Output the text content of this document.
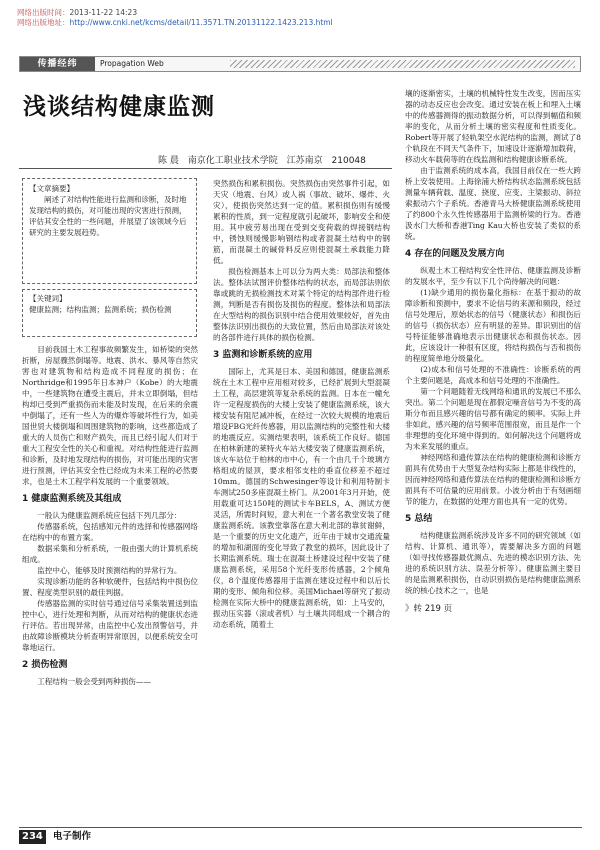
网络出版时间：2013-11-22 14:23
网络出版地址：http://www.cnki.net/kcms/detail/11.3571.TN.20131122.1423.213.html
传播经纬	Propagation Web
浅谈结构健康监测
陈 晨 南京化工职业技术学院 江苏南京 210048
【文章摘要】
阐述了对结构性能进行监测和诊断，及时地发现结构的损伤，对可能出现的灾害进行预测，评估其安全性的一些问题，并展望了该领域今后研究的主要发展趋势。
【关键词】
健康监测；结构监测；监测系统；损伤检测

目前我国土木工程事故频繁发生，如桥梁的突然折断，房屋骤然倒塌等。地震、洪水、暴风等自然灾害也对建筑物和结构造成不同程度的损伤；在Northridge和1995年日本神户（Kobe）的大地震中，一些建筑物在遭受主震后，并未立即倒塌，但结构却已受到严重损伤而未能及时发现，在后来的余震中倒塌了，还有一些人为的爆炸等破坏性行为，如美国世贸大楼倒塌和周围建筑物的影响，这些都造成了重大的人员伤亡和财产损失，而且已经引起人们对于重大工程安全性的关心和重视。对结构性能进行监测和诊断，及时地发现结构的损伤，对可能出现的灾害进行预测，评估其安全性已经成为未来工程的必然要求，也是土木工程学科发展的一个重要领域。

1 健康监测系统及其组成

一般认为健康监测系统应包括下列几部分：

传感器系统，包括感知元件的选择和传感器网络在结构中的布置方案。

数据采集和分析系统，一般由强大的计算机系统组成。

监控中心，能够及时预测结构的异常行为。

实现诊断功能的各种软硬件，包括结构中损伤位置、程度类型识别的最佳判据。

传感器监测的实时信号通过信号采集装置送到监控中心，进行处理和判断，从而对结构的健康状态进行评估。若出现异常，由监控中心发出预警信号，并由故障诊断模块分析查明异常原因，以便系统安全可靠地运行。

2 损伤检测

工程结构一般会受到两种损伤——

突然损伤和累积损伤。突然损伤由突然事件引起，如天灾（地震、台风）或人祸（事故、破坏、爆炸、火灾），使损伤突然达到一定的值。累积损伤则有缓慢累积的性质，到一定程度就引起破坏，影响安全和使用。其中疲劳易出现在受到交变荷载的焊接钢结构中，锈蚀则缓慢影响钢结构或者混凝土结构中的钢筋，而混凝土的碱骨料反应则使混凝土承载能力降低。

损伤检测基本上可以分为两大类：局部法和整体法。整体法试图评价整体结构的状态，而局部法则依靠或跳的无损检测技术对某个特定的结构部件进行检测，判断是否有损伤及损伤的程度。整体法和局部法在大型结构的损伤识别中结合使用效果较好，首先由整体法识别出损伤的大致位置，然后由局部法对该处的各部件进行具体的损伤检测。

3 监测和诊断系统的应用

国际上，尤其是日本、美国和德国，健康监测系统在土木工程中应用相对较多，已经扩展到大型混凝土工程，高层建筑等复杂系统的监测。日本在一幢允许一定程度损伤的大楼上安装了健康监测系统，该大楼安装有阻尼减冲板，在经过一次较大规模的地震后增设FBG光纤传感器，用以监测结构的完整性和大楼的地震反应。实测结果表明，该系统工作良好。德国在柏林新建的莱特火车站大楼安装了健康监测系统，该火车站位于柏林的市中心，有一个由几千个玻璃方格组成的屋顶，要求相邻支柱的垂直位移差不超过10mm。德国的Schwesinger等设计和利用特制卡车测试250多座混凝土桥门。从2001年3月开始，使用载重可达150吨的测试卡车BELS，A、测试方便灵活，所需时间短，意大利在一个著名教堂安装了健康监测系统。该教堂靠落在意大利北部的靠贫谢鲜，是一个重要的历史文化遗产，近年由于城市交通流量的增加和湖面的变化导致了教堂的损坏，因此设计了长期监测系统。瑞士在混凝土桥建设过程中安装了健康监测系统，采用58个光纤变形传感器，2个倾角仪，8个温度传感器用于监测在建设过程中和以后长期的变形、倾角和位移。美国Michael等研究了振动检测在实际大桥中的健康监测系统，如：上马安的，振动压实器（滚或者机）与土壤共同组成一个耦合的动态系统，随着土

壤的逐渐密实，土壤的机械特性发生改变，因而压实器的动态反应也会改变。通过安装在板上和埋入土壤中的传感器测得的振动数据分析，可以得到幅值和频率的变化，从而分析土壤的密实程度和性质变化。Robert等开展了轻轨架空水泥结构的监测，测试了8个轨段在不同天气条件下，加速设计逐渐增加载荷，移动火车载荷等的在线监测和结构健康诊断系统。

由于监测系统的成本高，我国目前仅在一些大跨桥上安装使用。上海徐浦大桥结构状态监测系统包括测量车辆荷载、温度、挠度、应变、主梁振动、斜拉索振动六个子系统。香港青马大桥健康监测系统使用了约800个永久性传感器用于监测桥梁的行为。香港汲水门大桥和香港Ting Kau大桥也安装了类似的系统。

4 存在的问题及发展方向

纵观土木工程结构安全性评估、健康监测及诊断的发展水平，至少有以下几个尚待解决的问题：

(1)缺少通用的损伤量化指标：在基于振动的故障诊断和预测中，要求不论信号的来源和频段，经过信号处理后，原始状态的信号（健康状态）和损伤后的信号（损伤状态）应有明显的差异。即识别出的信号特征能够准确地表示出健康状态和损伤状态。因此，应该设计一种很有区度，将结构损伤与否和损伤的程度简单地分级量化。

(2)成本和信号处理的不准确性：诊断系统的两个主要问题是，高成本和信号处理的不准确性。

第一个问题随着无线网络和通讯的发展已不那么突出。第二个问题是现在都假定噪音信号为不变的高斯分布而且感兴趣的信号都有确定的频率。实际上并非如此，感兴趣的信号频率范围很宽，而且是作一个非理想的变化环境中得到的。如何解决这个问题将成为未来发展的重点。

神经网络和遗传算法在结构的健康检测和诊断方面具有优势由于大型复杂结构实际上都是非线性的，因而神经网络和遗传算法在结构的健康检测和诊断方面具有不可估量的应用前景。小波分析由于有刻画细节的能力，在数据的处理方面也具有一定的优势。

5 总结

结构健康监测系统涉及许多不同的研究领域（如结构、计算机、通讯等），需要解决多方面的问题（如寻找传感器最优测点、先进的模态识别方法、先进的系统识别方法、误差分析等）。健康监测主要目的是监测累积损伤，自动识别损伤是结构健康监测系统的核心技术之一，也是

》转 219 页

234	电子制作
